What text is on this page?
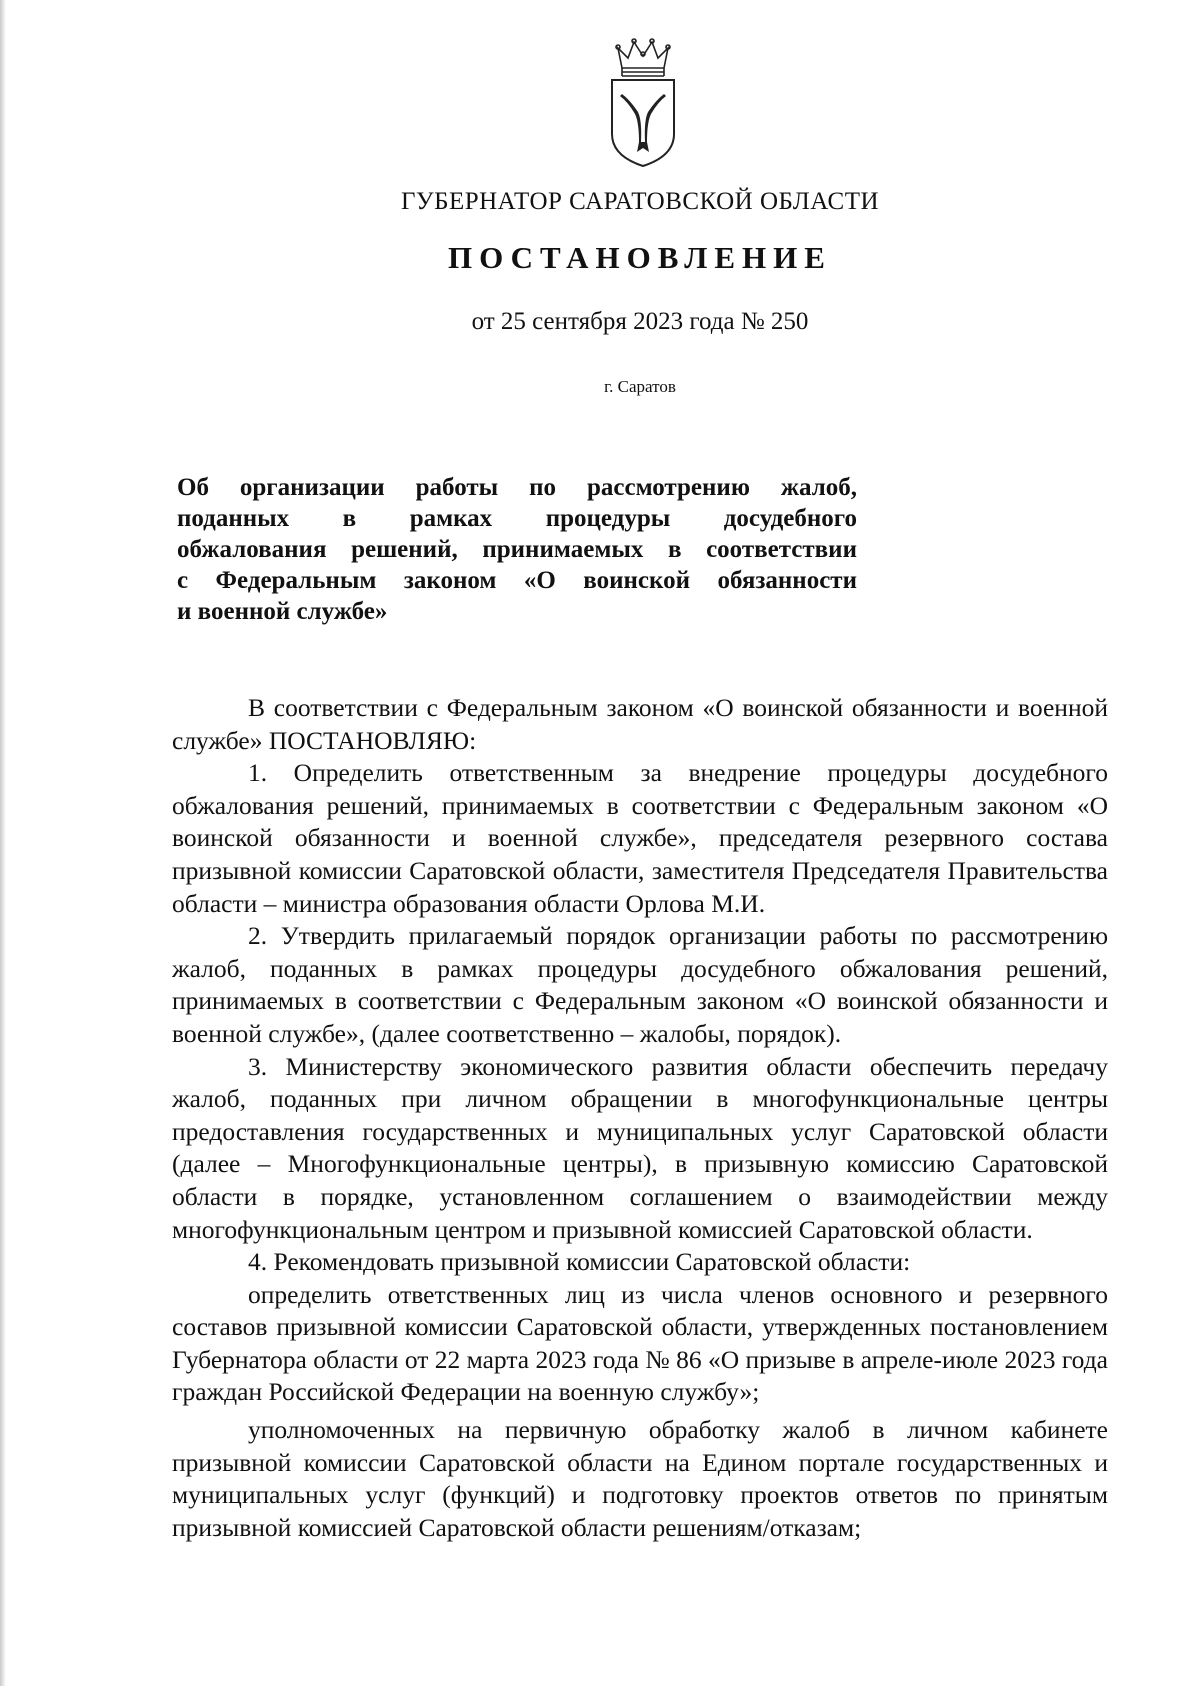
ГУБЕРНАТОР САРАТОВСКОЙ ОБЛАСТИ
ПОСТАНОВЛЕНИЕ
от 25 сентября 2023 года № 250
г. Саратов
Об организации работы по рассмотрению жалоб,
поданных в рамках процедуры досудебного
обжалования решений, принимаемых в соответствии
с Федеральным законом «О воинской обязанности
и военной службе»

В соответствии с Федеральным законом «О воинской обязанности и военной службе» ПОСТАНОВЛЯЮ:

1. Определить ответственным за внедрение процедуры досудебного обжалования решений, принимаемых в соответствии с Федеральным законом «О воинской обязанности и военной службе», председателя резервного состава призывной комиссии Саратовской области, заместителя Председателя Правительства области – министра образования области Орлова М.И.

2. Утвердить прилагаемый порядок организации работы по рассмотрению жалоб, поданных в рамках процедуры досудебного обжалования решений, принимаемых в соответствии с Федеральным законом «О воинской обязанности и военной службе», (далее соответственно – жалобы, порядок).

3. Министерству экономического развития области обеспечить передачу жалоб, поданных при личном обращении в многофункциональные центры предоставления государственных и муниципальных услуг Саратовской области (далее – Многофункциональные центры), в призывную комиссию Саратовской области в порядке, установленном соглашением о взаимодействии между многофункциональным центром и призывной комиссией Саратовской области.

4. Рекомендовать призывной комиссии Саратовской области:

определить ответственных лиц из числа членов основного и резервного составов призывной комиссии Саратовской области, утвержденных постановлением Губернатора области от 22 марта 2023 года № 86 «О призыве в апреле-июле 2023 года граждан Российской Федерации на военную службу»;

уполномоченных на первичную обработку жалоб в личном кабинете призывной комиссии Саратовской области на Едином портале государственных и муниципальных услуг (функций) и подготовку проектов ответов по принятым призывной комиссией Саратовской области решениям/отказам;
